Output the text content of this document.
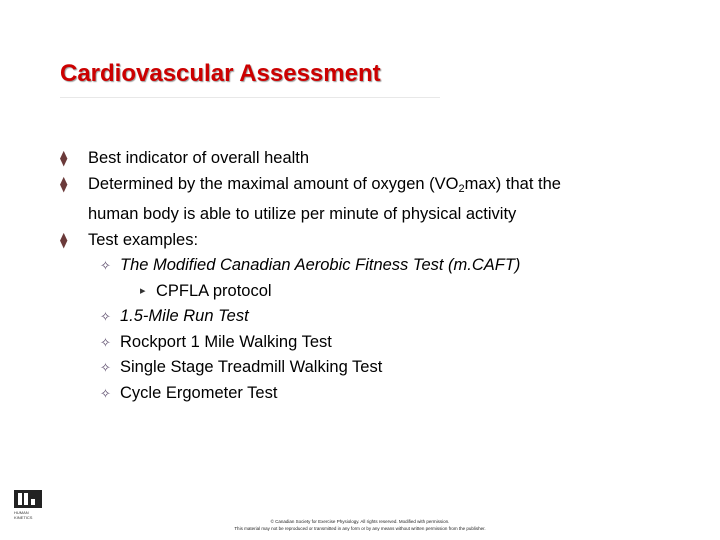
Cardiovascular Assessment
⧫ Best indicator of overall health
⧫ Determined by the maximal amount of oxygen $(VO_2\max)$ that the
human body is able to utilize per minute of physical activity
⧫ Test examples:
✧ The Modified Canadian Aerobic Fitness Test (m.CAFT)
▸ CPFLA protocol
✧ 1.5-Mile Run Test
✧ Rockport 1 Mile Walking Test
✧ Single Stage Treadmill Walking Test
✧ Cycle Ergometer Test
HUMAN KINETICS
© Canadian Society for Exercise Physiology. All rights reserved. Modified with permission.
This material may not be reproduced or transmitted in any form or by any means without written permission from the publisher.
